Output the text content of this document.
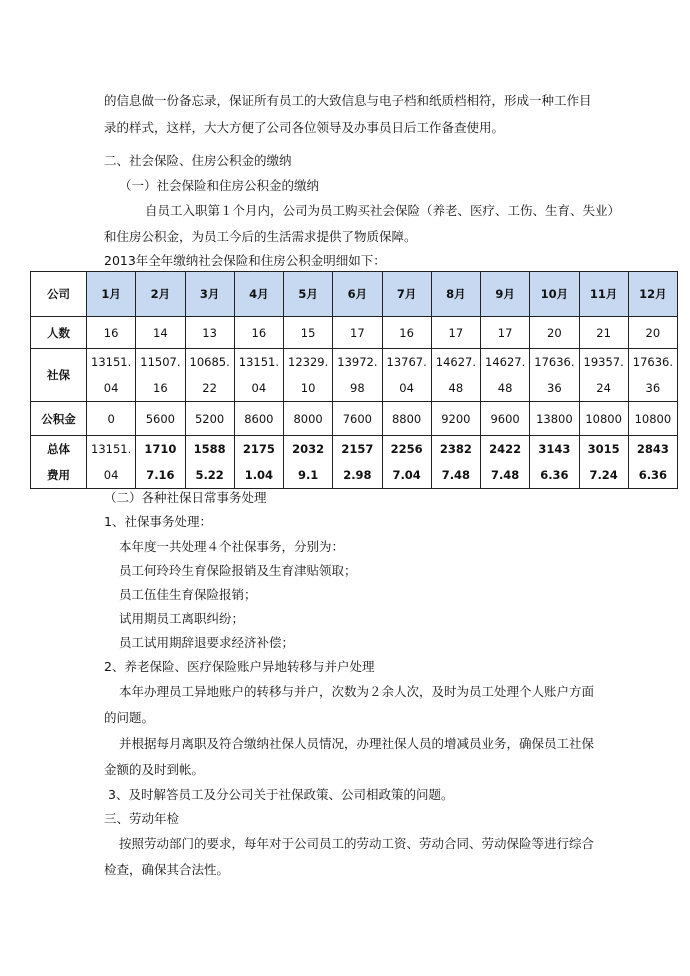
的信息做一份备忘录，保证所有员工的大致信息与电子档和纸质档相符，形成一种工作目
录的样式，这样，大大方便了公司各位领导及办事员日后工作备查使用。
二、社会保险、住房公积金的缴纳
（一）社会保险和住房公积金的缴纳
自员工入职第１个月内，公司为员工购买社会保险（养老、医疗、工伤、生育、失业）
和住房公积金，为员工今后的生活需求提供了物质保障。
2013年全年缴纳社会保险和住房公积金明细如下：
公司	1月	2月	3月	4月	5月	6月	7月	8月	9月	10月	11月	12月
人数	16	14	13	16	15	17	16	17	17	20	21	20
社保	13151.04	11507.16	10685.22	13151.04	12329.10	13972.98	13767.04	14627.48	14627.48	17636.36	19357.24	17636.36

公积金	0	5600	5200	8600	8000	7600	8800	9200	9600	13800	10800	10800

总体费用	13151.04	17107.16	15885.22	21751.04	20329.1	21572.98	22567.04	23827.48	24227.48	31436.36	30157.24	28436.36
（二）各种社保日常事务处理
1、社保事务处理：
本年度一共处理４个社保事务，分别为：
员工何玲玲生育保险报销及生育津贴领取；
员工伍佳生育保险报销；
试用期员工离职纠纷；
员工试用期辞退要求经济补偿；
2、养老保险、医疗保险账户异地转移与并户处理
本年办理员工异地账户的转移与并户，次数为２余人次，及时为员工处理个人账户方面
的问题。
并根据每月离职及符合缴纳社保人员情况，办理社保人员的增减员业务，确保员工社保
金额的及时到帐。
3、及时解答员工及分公司关于社保政策、公司相政策的问题。
三、劳动年检
按照劳动部门的要求，每年对于公司员工的劳动工资、劳动合同、劳动保险等进行综合
检查，确保其合法性。
